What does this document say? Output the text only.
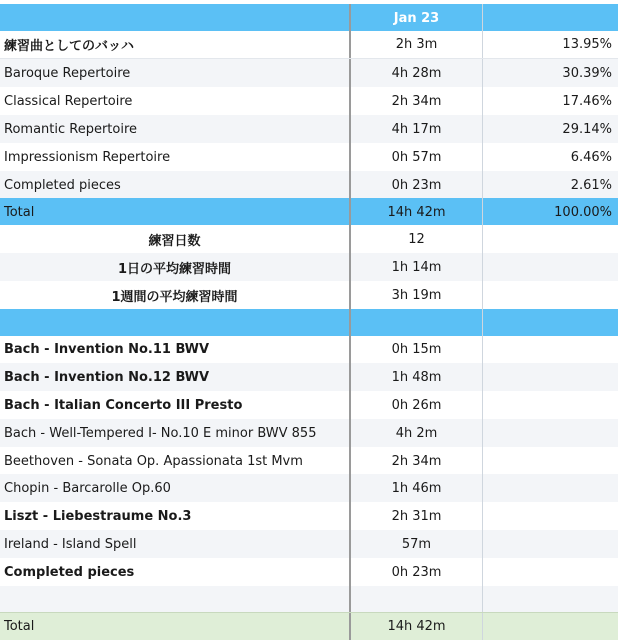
Jan 23
練習曲としてのバッハ	2h 3m	13.95%
Baroque Repertoire	4h 28m	30.39%
Classical Repertoire	2h 34m	17.46%
Romantic Repertoire	4h 17m	29.14%
Impressionism Repertoire	0h 57m	6.46%
Completed pieces	0h 23m	2.61%
Total	14h 42m	100.00%
練習日数	12
1日の平均練習時間	1h 14m
1週間の平均練習時間	3h 19m
Bach - Invention No.11 BWV	0h 15m
Bach - Invention No.12 BWV	1h 48m
Bach - Italian Concerto III Presto	0h 26m
Bach - Well-Tempered I- No.10 E minor BWV 855	4h 2m
Beethoven - Sonata Op. Apassionata 1st Mvm	2h 34m
Chopin - Barcarolle Op.60	1h 46m
Liszt - Liebestraume No.3	2h 31m
Ireland - Island Spell	57m
Completed pieces	0h 23m
Total	14h 42m
